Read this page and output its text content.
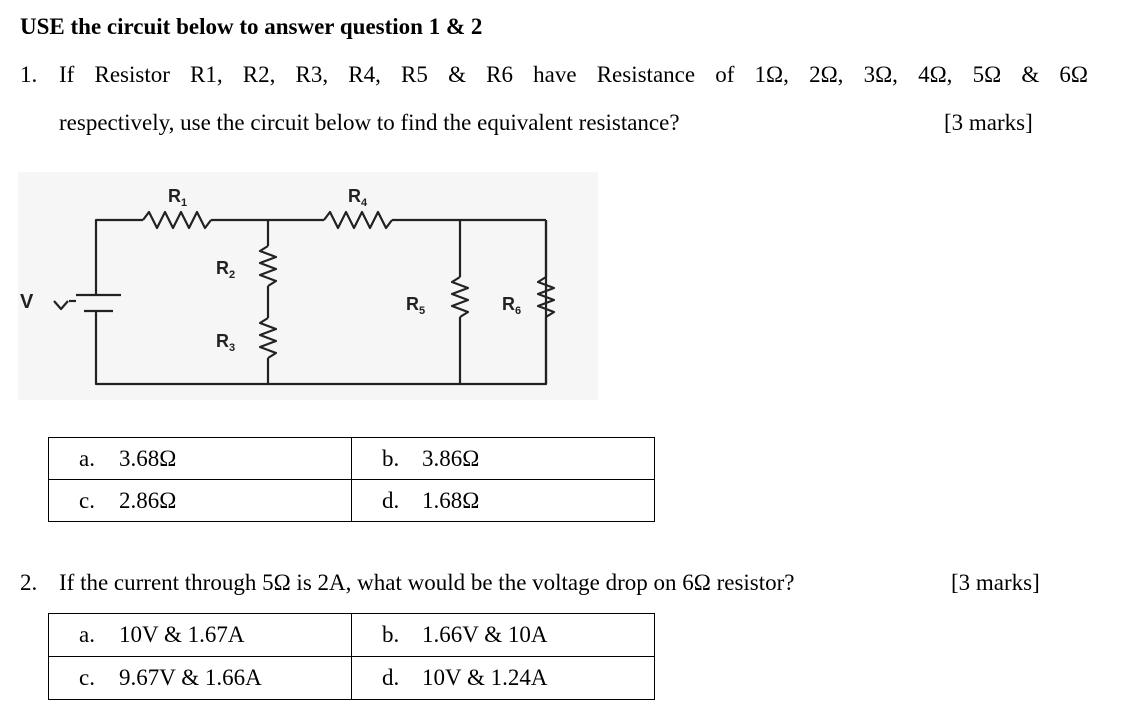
USE the circuit below to answer question 1 & 2
1. If Resistor R1, R2, R3, R4, R5 & R6 have Resistance of 1Ω, 2Ω, 3Ω, 4Ω, 5Ω & 6Ω
respectively, use the circuit below to find the equivalent resistance?	[3 marks]
$R_1$	$R_4$
$R_2$
$R_3$
$R_5$	$R_6$
V
a. 3.68Ω	b. 3.86Ω
c. 2.86Ω	d. 1.68Ω
2. If the current through 5Ω is 2A, what would be the voltage drop on 6Ω resistor?	[3 marks]
a. 10V & 1.67A	b. 1.66V & 10A
c. 9.67V & 1.66A	d. 10V & 1.24A
